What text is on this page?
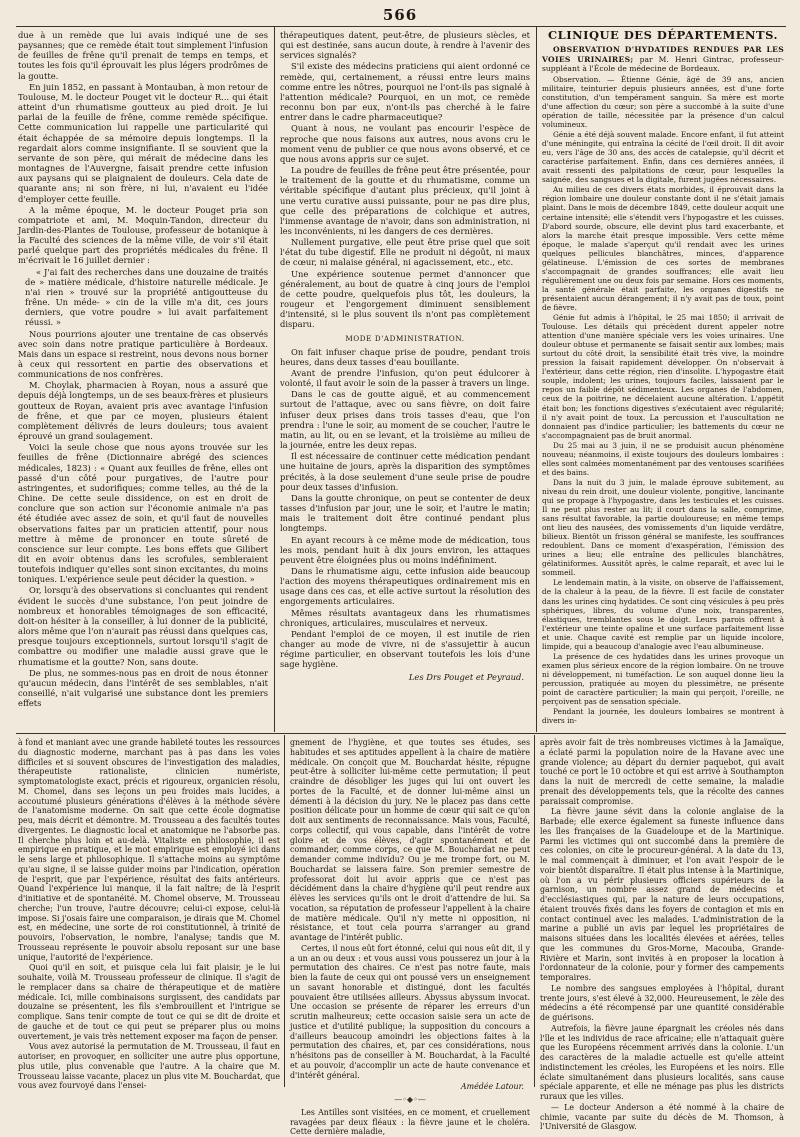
566

due à un remède que lui avais indiqué une de ses paysannes; que ce remède était tout simplement l'infusion de feuilles de frêne qu'il prenait de temps en temps, et toutes les fois qu'il éprouvait les plus légers prodrômes de la goutte.

En juin 1852, en passant à Montauban, à mon retour de Toulouse, M. le docteur Pouget vit le docteur R... qui était atteint d'un rhumatisme goutteux au pied droit. Je lui parlai de la feuille de frêne, comme remède spécifique. Cette communication lui rappelle une particularité qui était échappée de sa mémoire depuis longtemps. Il la regardait alors comme insignifiante. Il se souvient que la servante de son père, qui mérait de médecine dans les montagnes de l'Auvergne, faisait prendre cette infusion aux paysans qui se plaignaient de douleurs. Cela date de quarante ans; ni son frère, ni lui, n'avaient eu l'idée d'employer cette feuille.

A la même époque, M. le docteur Pouget pria son compatriote et ami, M. Moquin-Tandon, directeur du Jardin-des-Plantes de Toulouse, professeur de botanique à la Faculté des sciences de la même ville, de voir s'il était parlé quelque part des propriétés médicales du frêne. Il m'écrivait le 16 juillet dernier :

« J'ai fait des recherches dans une douzaine de traités de » matière médicale, d'histoire naturelle médicale. Je n'ai rien » trouvé sur la propriété antigoutteuse du frêne. Un méde- » cin de la ville m'a dit, ces jours derniers, que votre poudre » lui avait parfaitement réussi. »

Nous pourrions ajouter une trentaine de cas observés avec soin dans notre pratique particulière à Bordeaux. Mais dans un espace si restreint, nous devons nous borner à ceux qui ressortent en partie des observations et communications de nos confrères.

M. Choylak, pharmacien à Royan, nous a assuré que depuis déjà longtemps, un de ses beaux-frères et plusieurs goutteux de Royan, avaient pris avec avantage l'infusion de frêne, et que par ce moyen, plusieurs étaient complètement délivrés de leurs douleurs; tous avaient éprouvé un grand soulagement.

Voici la seule chose que nous ayons trouvée sur les feuilles de frêne (Dictionnaire abrégé des sciences médicales, 1823) : « Quant aux feuilles de frêne, elles ont passé d'un côté pour purgatives, de l'autre pour astringentes, et sudorifiques; comme telles, au thé de la Chine. De cette seule dissidence, on est en droit de conclure que son action sur l'économie animale n'a pas été étudiée avec assez de soin, et qu'il faut de nouvelles observations faites par un praticien attentif, pour nous mettre à même de prononcer en toute sûreté de conscience sur leur compte. Les bons effets que Gilibert dit en avoir obtenus dans les scrofules, sembleraient toutefois indiquer qu'elles sont sinon excitantes, du moins toniques. L'expérience seule peut décider la question. »

Or, lorsqu'à des observations si concluantes qui rendent évident le succès d'une substance, l'on peut joindre de nombreux et honorables témoignages de son efficacité, doit-on hésiter à la conseiller, à lui donner de la publicité, alors même que l'on n'aurait pas réussi dans quelques cas, presque toujours exceptionnels, surtout lorsqu'il s'agit de combattre ou modifier une maladie aussi grave que le rhumatisme et la goutte? Non, sans doute.

De plus, ne sommes-nous pas en droit de nous étonner qu'aucun médecin, dans l'intérêt de ses semblables, n'ait conseillé, n'ait vulgarisé une substance dont les premiers effets

thérapeutiques datent, peut-être, de plusieurs siècles, et qui est destinée, sans aucun doute, à rendre à l'avenir des services signalés?

S'il existe des médecins praticiens qui aient ordonné ce remède, qui, certainement, a réussi entre leurs mains comme entre les nôtres, pourquoi ne l'ont-ils pas signalé à l'attention médicale? Pourquoi, en un mot, ce remède reconnu bon par eux, n'ont-ils pas cherché à le faire entrer dans le cadre pharmaceutique?

Quant à nous, ne voulant pas encourir l'espèce de reproche que nous faisons aux autres, nous avons cru le moment venu de publier ce que nous avons observé, et ce que nous avons appris sur ce sujet.

La poudre de feuilles de frêne peut être présentée, pour le traitement de la goutte et du rhumatisme, comme un véritable spécifique d'autant plus précieux, qu'il joint à une vertu curative aussi puissante, pour ne pas dire plus, que celle des préparations de colchique et autres, l'immense avantage de n'avoir, dans son administration, ni les inconvénients, ni les dangers de ces dernières.

Nullement purgative, elle peut être prise quel que soit l'état du tube digestif. Elle ne produit ni dégoût, ni maux de cœur, ni malaise général, ni agacissement, etc., etc.

Une expérience soutenue permet d'annoncer que généralement, au bout de quatre à cinq jours de l'emploi de cette poudre, quelquefois plus tôt, les douleurs, la rougeur et l'engorgement diminuent sensiblement d'intensité, si le plus souvent ils n'ont pas complètement disparu.

MODE D'ADMINISTRATION.

On fait infuser chaque prise de poudre, pendant trois heures, dans deux tasses d'eau bouillante.

Avant de prendre l'infusion, qu'on peut édulcorer à volonté, il faut avoir le soin de la passer à travers un linge.

Dans le cas de goutte aiguë, et au commencement surtout de l'attaque, avec ou sans fièvre, on doit faire infuser deux prises dans trois tasses d'eau, que l'on prendra : l'une le soir, au moment de se coucher, l'autre le matin, au lit, ou en se levant, et la troisième au milieu de la journée, entre les deux repas.

Il est nécessaire de continuer cette médication pendant une huitaine de jours, après la disparition des symptômes précités, à la dose seulement d'une seule prise de poudre pour deux tasses d'infusion.

Dans la goutte chronique, on peut se contenter de deux tasses d'infusion par jour, une le soir, et l'autre le matin; mais le traitement doit être continué pendant plus longtemps.

En ayant recours à ce même mode de médication, tous les mois, pendant huit à dix jours environ, les attaques peuvent être éloignées plus ou moins indéfiniment.

Dans le rhumatisme aigu, cette infusion aide beaucoup l'action des moyens thérapeutiques ordinairement mis en usage dans ces cas, et elle active surtout la résolution des engorgements articulaires.

Mêmes résultats avantageux dans les rhumatismes chroniques, articulaires, musculaires et nerveux.

Pendant l'emploi de ce moyen, il est inutile de rien changer au mode de vivre, ni de s'assujettir à aucun régime particulier, en observant toutefois les lois d'une sage hygiène.

Les Drs Pouget et Peyraud.
CLINIQUE DES DÉPARTEMENTS.

OBSERVATION D'HYDATIDES RENDUES PAR LES VOIES URINAIRES; par M. Henri Gintrac, professeur-suppléant à l'École de médecine de Bordeaux.

Observation. — Étienne Génie, âgé de 39 ans, ancien militaire, teinturier depuis plusieurs années, est d'une forte constitution, d'un tempérament sanguin. Sa mère est morte d'une affection du cœur; son père a succombé à la suite d'une opération de taille, nécessitée par la présence d'un calcul volumineux.

Génie a été déjà souvent malade. Encore enfant, il fut atteint d'une méningite, qui entraîna la cécité de l'œil droit. Il dit avoir eu, vers l'âge de 30 ans, des accès de catalepsie, qu'il décrit et caractérise parfaitement. Enfin, dans ces dernières années, il avait ressenti des palpitations de cœur, pour lesquelles la saignée, des sangsues et la digitale, furent jugées nécessaires.

Au milieu de ces divers états morbides, il éprouvait dans la région lombaire une douleur constante dont il ne s'était jamais plaint. Dans le mois de décembre 1849, cette douleur acquit une certaine intensité; elle s'étendit vers l'hypogastre et les cuisses. D'abord sourde, obscure, elle devint plus tard exacerbante, et alors la marche était presque impossible. Vers cette même époque, le malade s'aperçut qu'il rendait avec les urines quelques pellicules blanchâtres, minces, d'apparence gélatineuse. L'émission de ces sortes de membranes s'accompagnait de grandes souffrances; elle avait lieu régulièrement une ou deux fois par semaine. Hors ces moments, la santé générale était parfaite, les organes digestifs ne présentaient aucun dérangement; il n'y avait pas de toux, point de fièvre.

Génie fut admis à l'hôpital, le 25 mai 1850; il arrivait de Toulouse. Les détails qui précèdent durent appeler notre attention d'une manière spéciale vers les voies urinaires. Une douleur obtuse et permanente se faisait sentir aux lombes; mais surtout du côté droit, la sensibilité était très vive, la moindre pression la faisait rapidement développer. On n'observait à l'extérieur, dans cette région, rien d'insolite. L'hypogastre était souple, indolent; les urines, toujours faciles, laissaient par le repos un faible dépôt sédimenteux. Les organes de l'abdomen, ceux de la poitrine, ne décelaient aucune altération. L'appétit était bon; les fonctions digestives s'exécutaient avec régularité; il n'y avait point de toux. La percussion et l'auscultation ne donnaient pas d'indice particulier; les battements du cœur ne s'accompagnaient pas de bruit anormal.

Du 25 mai au 3 juin, il ne se produisit aucun phénomène nouveau; néanmoins, il existe toujours des douleurs lombaires : elles sont calmées momentanément par des ventouses scarifiées et des bains.

Dans la nuit du 3 juin, le malade éprouve subitement, au niveau du rein droit, une douleur violente, pongitive, lancinante qui se propage à l'hypogastre, dans les testicules et les cuisses. Il ne peut plus rester au lit; il court dans la salle, comprime, sans résultat favorable, la partie douloureuse; en même temps ont lieu des nausées, des vomissements d'un liquide verdâtre, bilieux. Bientôt un frisson général se manifeste, les souffrances redoublent. Dans ce moment d'exaspération, l'émission des urines a lieu; elle entraîne des pellicules blanchâtres, gélatiniformes. Aussitôt après, le calme reparaît, et avec lui le sommeil.

Le lendemain matin, à la visite, on observe de l'affaissement, de la chaleur à la peau, de la fièvre. Il est facile de constater dans les urines cinq hydatides. Ce sont cinq vésicules à peu près sphériques, libres, du volume d'une noix, transparentes, élastiques, tremblantes sous le doigt. Leurs parois offrent à l'extérieur une teinte opaline et une surface parfaitement lisse et unie. Chaque cavité est remplie par un liquide incolore, limpide, qui a beaucoup d'analogie avec l'eau albumineuse.

La présence de ces hydatides dans les urines provoque un examen plus sérieux encore de la région lombaire. On ne trouve ni développement, ni tuméfaction. Le son auquel donne lieu la percussion, pratiquée au moyen du plessimètre, ne présente point de caractère particulier; la main qui perçoit, l'oreille, ne perçoivent pas de sensation spéciale.

Pendant la journée, les douleurs lombaires se montrent à divers in-

à fond et maniant avec une grande habileté toutes les ressources du diagnostic moderne, marchant pas à pas dans les voies difficiles et si souvent obscures de l'investigation des maladies, thérapeutiste rationaliste, clinicien numériste, symptomatologiste exact, précis et rigoureux, organicien résolu, M. Chomel, dans ses leçons un peu froides mais lucides, a accoutumé plusieurs générations d'élèves à la méthode sévère de l'anatomisme moderne. On sait que cette école dogmatise peu, mais décrit et démontre. M. Trousseau a des facultés toutes divergentes. Le diagnostic local et anatomique ne l'absorbe pas. Il cherche plus loin et au-delà. Vitaliste en philosophie, il est empirique en pratique, et le mot empirique est employé ici dans le sens large et philosophique. Il s'attache moins au symptôme qu'au signe, il se laisse guider moins par l'indication, opération de l'esprit, que par l'expérience, résultat des faits antérieurs. Quand l'expérience lui manque, il la fait naître; de là l'esprit d'initiative et de spontanéité. M. Chomel observe, M. Trousseau cherche; l'un trouve, l'autre découvre; celui-ci expose, celui-là impose. Si j'osais faire une comparaison, je dirais que M. Chomel est, en médecine, une sorte de roi constitutionnel, à trinité de pouvoirs, l'observation, le nombre, l'analyse; tandis que M. Trousseau représente le pouvoir absolu reposant sur une base unique, l'autorité de l'expérience.

Quoi qu'il en soit, et puisque cela lui fait plaisir, je le lui souhaite, voilà M. Trousseau professeur de clinique. Il s'agit de le remplacer dans sa chaire de thérapeutique et de matière médicale. Ici, mille combinaisons surgissent, des candidats par douzaine se présentent, les fils s'embrouillent et l'intrigue se complique. Sans tenir compte de tout ce qui se dit de droite et de gauche et de tout ce qui peut se préparer plus ou moins ouvertement, je vais très nettement exposer ma façon de penser.

Vous avez autorisé la permutation de M. Trousseau, il faut en autoriser, en provoquer, en solliciter une autre plus opportune, plus utile, plus convenable que l'autre. A la chaire que M. Trousseau laisse vacante, placez un plus vite M. Bouchardat, que vous avez fourvoyé dans l'ensei-

gnement de l'hygiène, et que toutes ses études, ses habitudes et ses aptitudes appellent à la chaire de matière médicale. On conçoit que M. Bouchardat hésite, répugne peut-être à solliciter lui-même cette permutation; il peut craindre de désobliger les juges qui lui ont ouvert les portes de la Faculté, et de donner lui-même ainsi un démenti à la décision du jury. Ne le placez pas dans cette position délicate pour un homme de cœur qui sait ce qu'on doit aux sentiments de reconnaissance. Mais vous, Faculté, corps collectif, qui vous capable, dans l'intérêt de votre gloire et de vos élèves, d'agir spontanément et de commander, comme corps, ce que M. Bouchardat ne peut demander comme individu? Ou je me trompe fort, ou M. Bouchardat se laissera faire. Son premier semestre de professorat doit lui avoir appris que ce n'est pas décidément dans la chaire d'hygiène qu'il peut rendre aux élèves les services qu'ils ont le droit d'attendre de lui. Sa vocation, sa réputation de professeur l'appellent à la chaire de matière médicale. Qu'il n'y mette ni opposition, ni résistance, et tout cela pourra s'arranger au grand avantage de l'intérêt public.

Certes, il nous eût fort étonné, celui qui nous eût dit, il y a un an ou deux : et vous aussi vous pousserez un jour à la permutation des chaires. Ce n'est pas notre faute, mais bien la faute de ceux qui ont poussé vers un enseignement un savant honorable et distingué, dont les facultés pouvaient être utilisées ailleurs. Abyssus abyssum invocat. Une occasion se présente de réparer les erreurs d'un scrutin malheureux; cette occasion saisie sera un acte de justice et d'utilité publique; la supposition du concours a d'ailleurs beaucoup amoindri les objections faites à la permutation des chaires, et, par ces considérations, nous n'hésitons pas de conseiller à M. Bouchardat, à la Faculté et au pouvoir, d'accomplir un acte de haute convenance et d'intérêt général.

Amédée Latour.
—◦◆◦—

Les Antilles sont visitées, en ce moment, et cruellement ravagées par deux fléaux : la fièvre jaune et le choléra. Cette dernière maladie,

après avoir fait de très nombreuses victimes à la Jamaïque, a éclaté parmi la population noire de la Havane avec une grande violence; au départ du dernier paquebot, qui avait touché ce port le 10 octobre et qui est arrivé à Southampton dans la nuit de mercredi de cette semaine, la maladie prenait des développements tels, que la récolte des cannes paraissait compromise.

La fièvre jaune sévit dans la colonie anglaise de la Barbade; elle exerce également sa funeste influence dans les îles françaises de la Guadeloupe et de la Martinique. Parmi les victimes qui ont succombé dans la première de ces colonies, on cite le procureur-général. A la date du 13, le mal commençait à diminuer, et l'on avait l'espoir de le voir bientôt disparaître. Il était plus intense à la Martinique, où l'on a vu périr plusieurs officiers supérieurs de la garnison, un nombre assez grand de médecins et d'ecclésiastiques qui, par la nature de leurs occupations, étaient trouvés fixés dans les foyers de contagion et mis en contact continuel avec les malades. L'administration de la marine a publié un avis par lequel les propriétaires de maisons situées dans les localités élevées et aérées, telles que les communes du Gros-Morne, Macouba, Grande-Rivière et Marin, sont invités à en proposer la location à l'ordonnateur de la colonie, pour y former des campements temporaires.

Le nombre des sangsues employées à l'hôpital, durant trente jours, s'est élevé à 32,000. Heureusement, le zèle des médecins a été récompensé par une quantité considérable de guérisons.

Autrefois, la fièvre jaune épargnait les créoles nés dans l'île et les individus de race africaine; elle n'attaquait guère que les Européens récemment arrivés dans la colonie. L'un des caractères de la maladie actuelle est qu'elle atteint indistinctement les créoles, les Européens et les noirs. Elle éclate simultanément dans plusieurs localités, sans cause spéciale apparente, et elle ne ménage pas plus les districts ruraux que les villes.

— Le docteur Anderson a été nommé à la chaire de chimie, vacante par suite du décès de M. Thomson, à l'Université de Glasgow.
